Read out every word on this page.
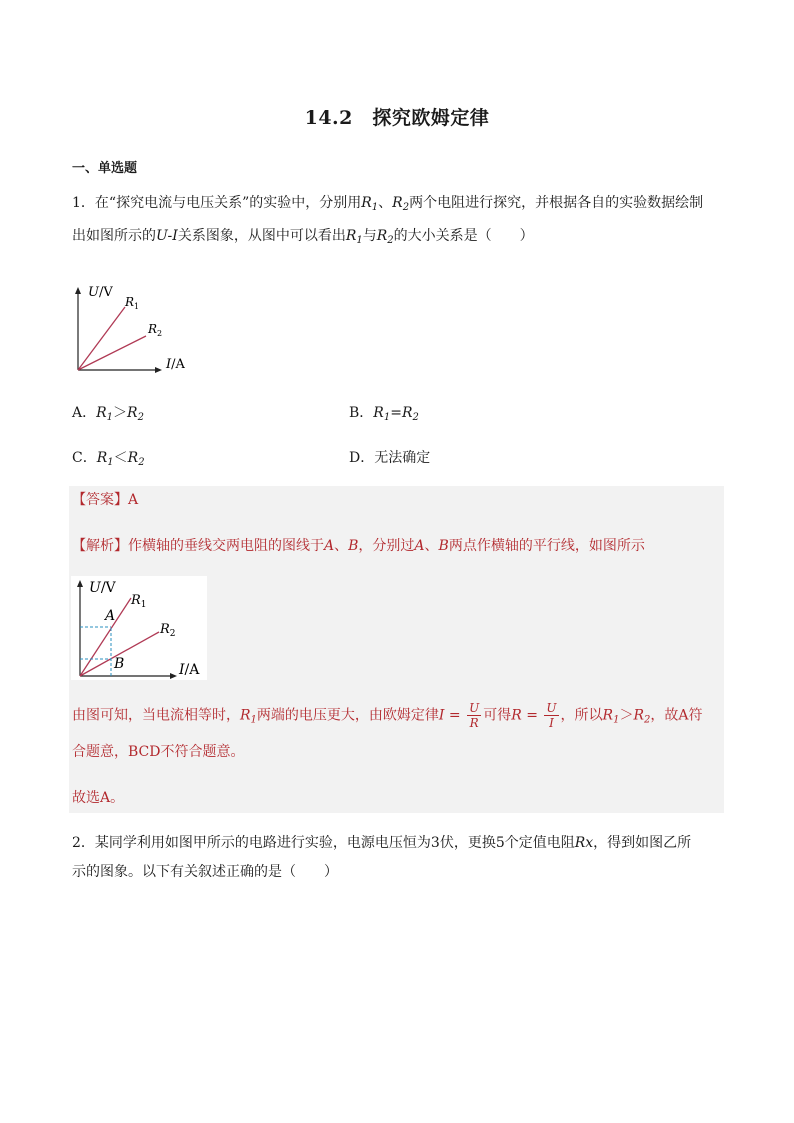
14.2　探究欧姆定律
一、单选题
1．在“探究电流与电压关系”的实验中，分别用$R_1$、$R_2$两个电阻进行探究，并根据各自的实验数据绘制
出如图所示的U-I关系图象，从图中可以看出$R_1$与$R_2$的大小关系是（　　）
U/V
$R_1$
$R_2$
I/A
A．$R_1>R_2$	B．$R_1=R_2$
C．$R_1<R_2$	D．无法确定
【答案】A
【解析】作横轴的垂线交两电阻的图线于A、B，分别过A、B两点作横轴的平行线，如图所示
U/V
$R_1$
$R_2$
A
B	I/A
由图可知，当电流相等时，$R_1$两端的电压更大，由欧姆定律$I = \frac{U}{R}$ 可得$R = \frac{U}{I}$ ，所以$R_1>R_2$，故A符
合题意，BCD不符合题意。
故选A。
2．某同学利用如图甲所示的电路进行实验，电源电压恒为3伏，更换5个定值电阻Rx，得到如图乙所
示的图象。以下有关叙述正确的是（　　）
